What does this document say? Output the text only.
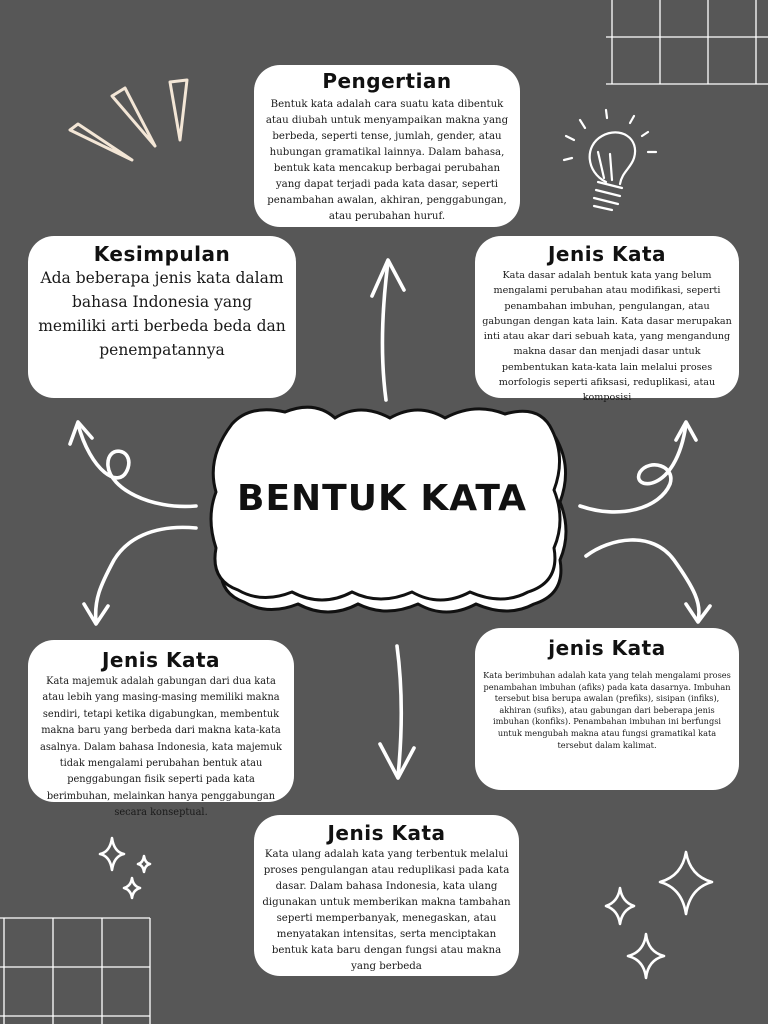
BENTUK KATA
Pengertian
Bentuk kata adalah cara suatu kata dibentuk atau diubah untuk menyampaikan makna yang berbeda, seperti tense, jumlah, gender, atau hubungan gramatikal lainnya. Dalam bahasa, bentuk kata mencakup berbagai perubahan yang dapat terjadi pada kata dasar, seperti penambahan awalan, akhiran, penggabungan, atau perubahan huruf.
Kesimpulan
Ada beberapa jenis kata dalam bahasa Indonesia yang memiliki arti berbeda beda dan penempatannya
Jenis Kata
Kata dasar adalah bentuk kata yang belum mengalami perubahan atau modifikasi, seperti penambahan imbuhan, pengulangan, atau gabungan dengan kata lain. Kata dasar merupakan inti atau akar dari sebuah kata, yang mengandung makna dasar dan menjadi dasar untuk pembentukan kata-kata lain melalui proses morfologis seperti afiksasi, reduplikasi, atau komposisi
Jenis Kata
Kata majemuk adalah gabungan dari dua kata atau lebih yang masing-masing memiliki makna sendiri, tetapi ketika digabungkan, membentuk makna baru yang berbeda dari makna kata-kata asalnya. Dalam bahasa Indonesia, kata majemuk tidak mengalami perubahan bentuk atau penggabungan fisik seperti pada kata berimbuhan, melainkan hanya penggabungan secara konseptual.
jenis Kata
Kata berimbuhan adalah kata yang telah mengalami proses penambahan imbuhan (afiks) pada kata dasarnya. Imbuhan tersebut bisa berupa awalan (prefiks), sisipan (infiks), akhiran (sufiks), atau gabungan dari beberapa jenis imbuhan (konfiks). Penambahan imbuhan ini berfungsi untuk mengubah makna atau fungsi gramatikal kata tersebut dalam kalimat.
Jenis Kata
Kata ulang adalah kata yang terbentuk melalui proses pengulangan atau reduplikasi pada kata dasar. Dalam bahasa Indonesia, kata ulang digunakan untuk memberikan makna tambahan seperti memperbanyak, menegaskan, atau menyatakan intensitas, serta menciptakan bentuk kata baru dengan fungsi atau makna yang berbeda
